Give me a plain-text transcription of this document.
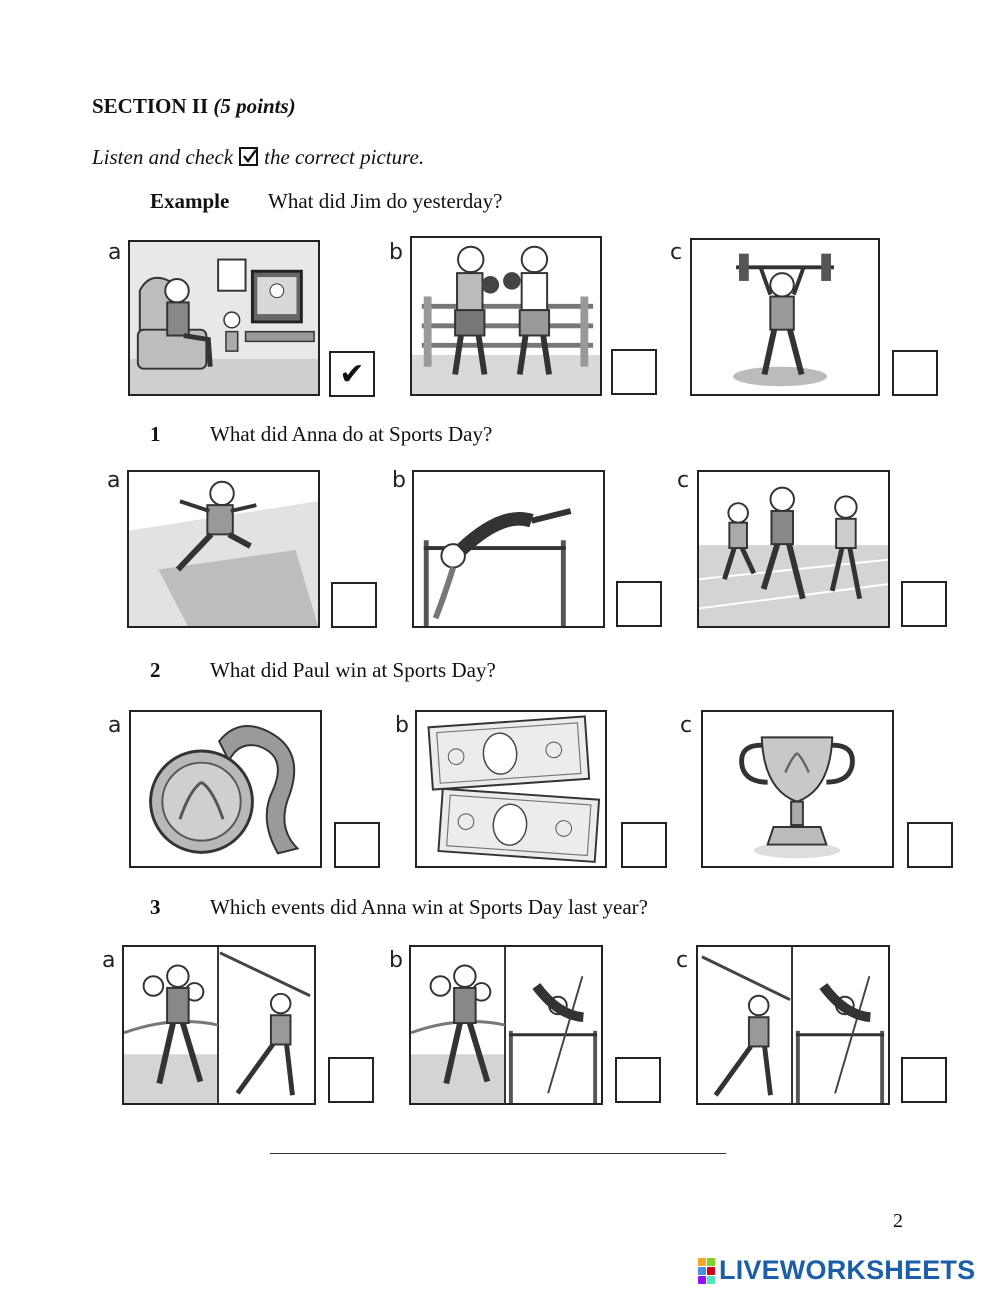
SECTION II (5 points)
Listen and check the correct picture.
Example	What did Jim do yesterday?
a
✔
b	c
1	What did Anna do at Sports Day?
a	b	c
2	What did Paul win at Sports Day?
a	b	c
3	Which events did Anna win at Sports Day last year?
a	b	c
2
LIVEWORKSHEETS
